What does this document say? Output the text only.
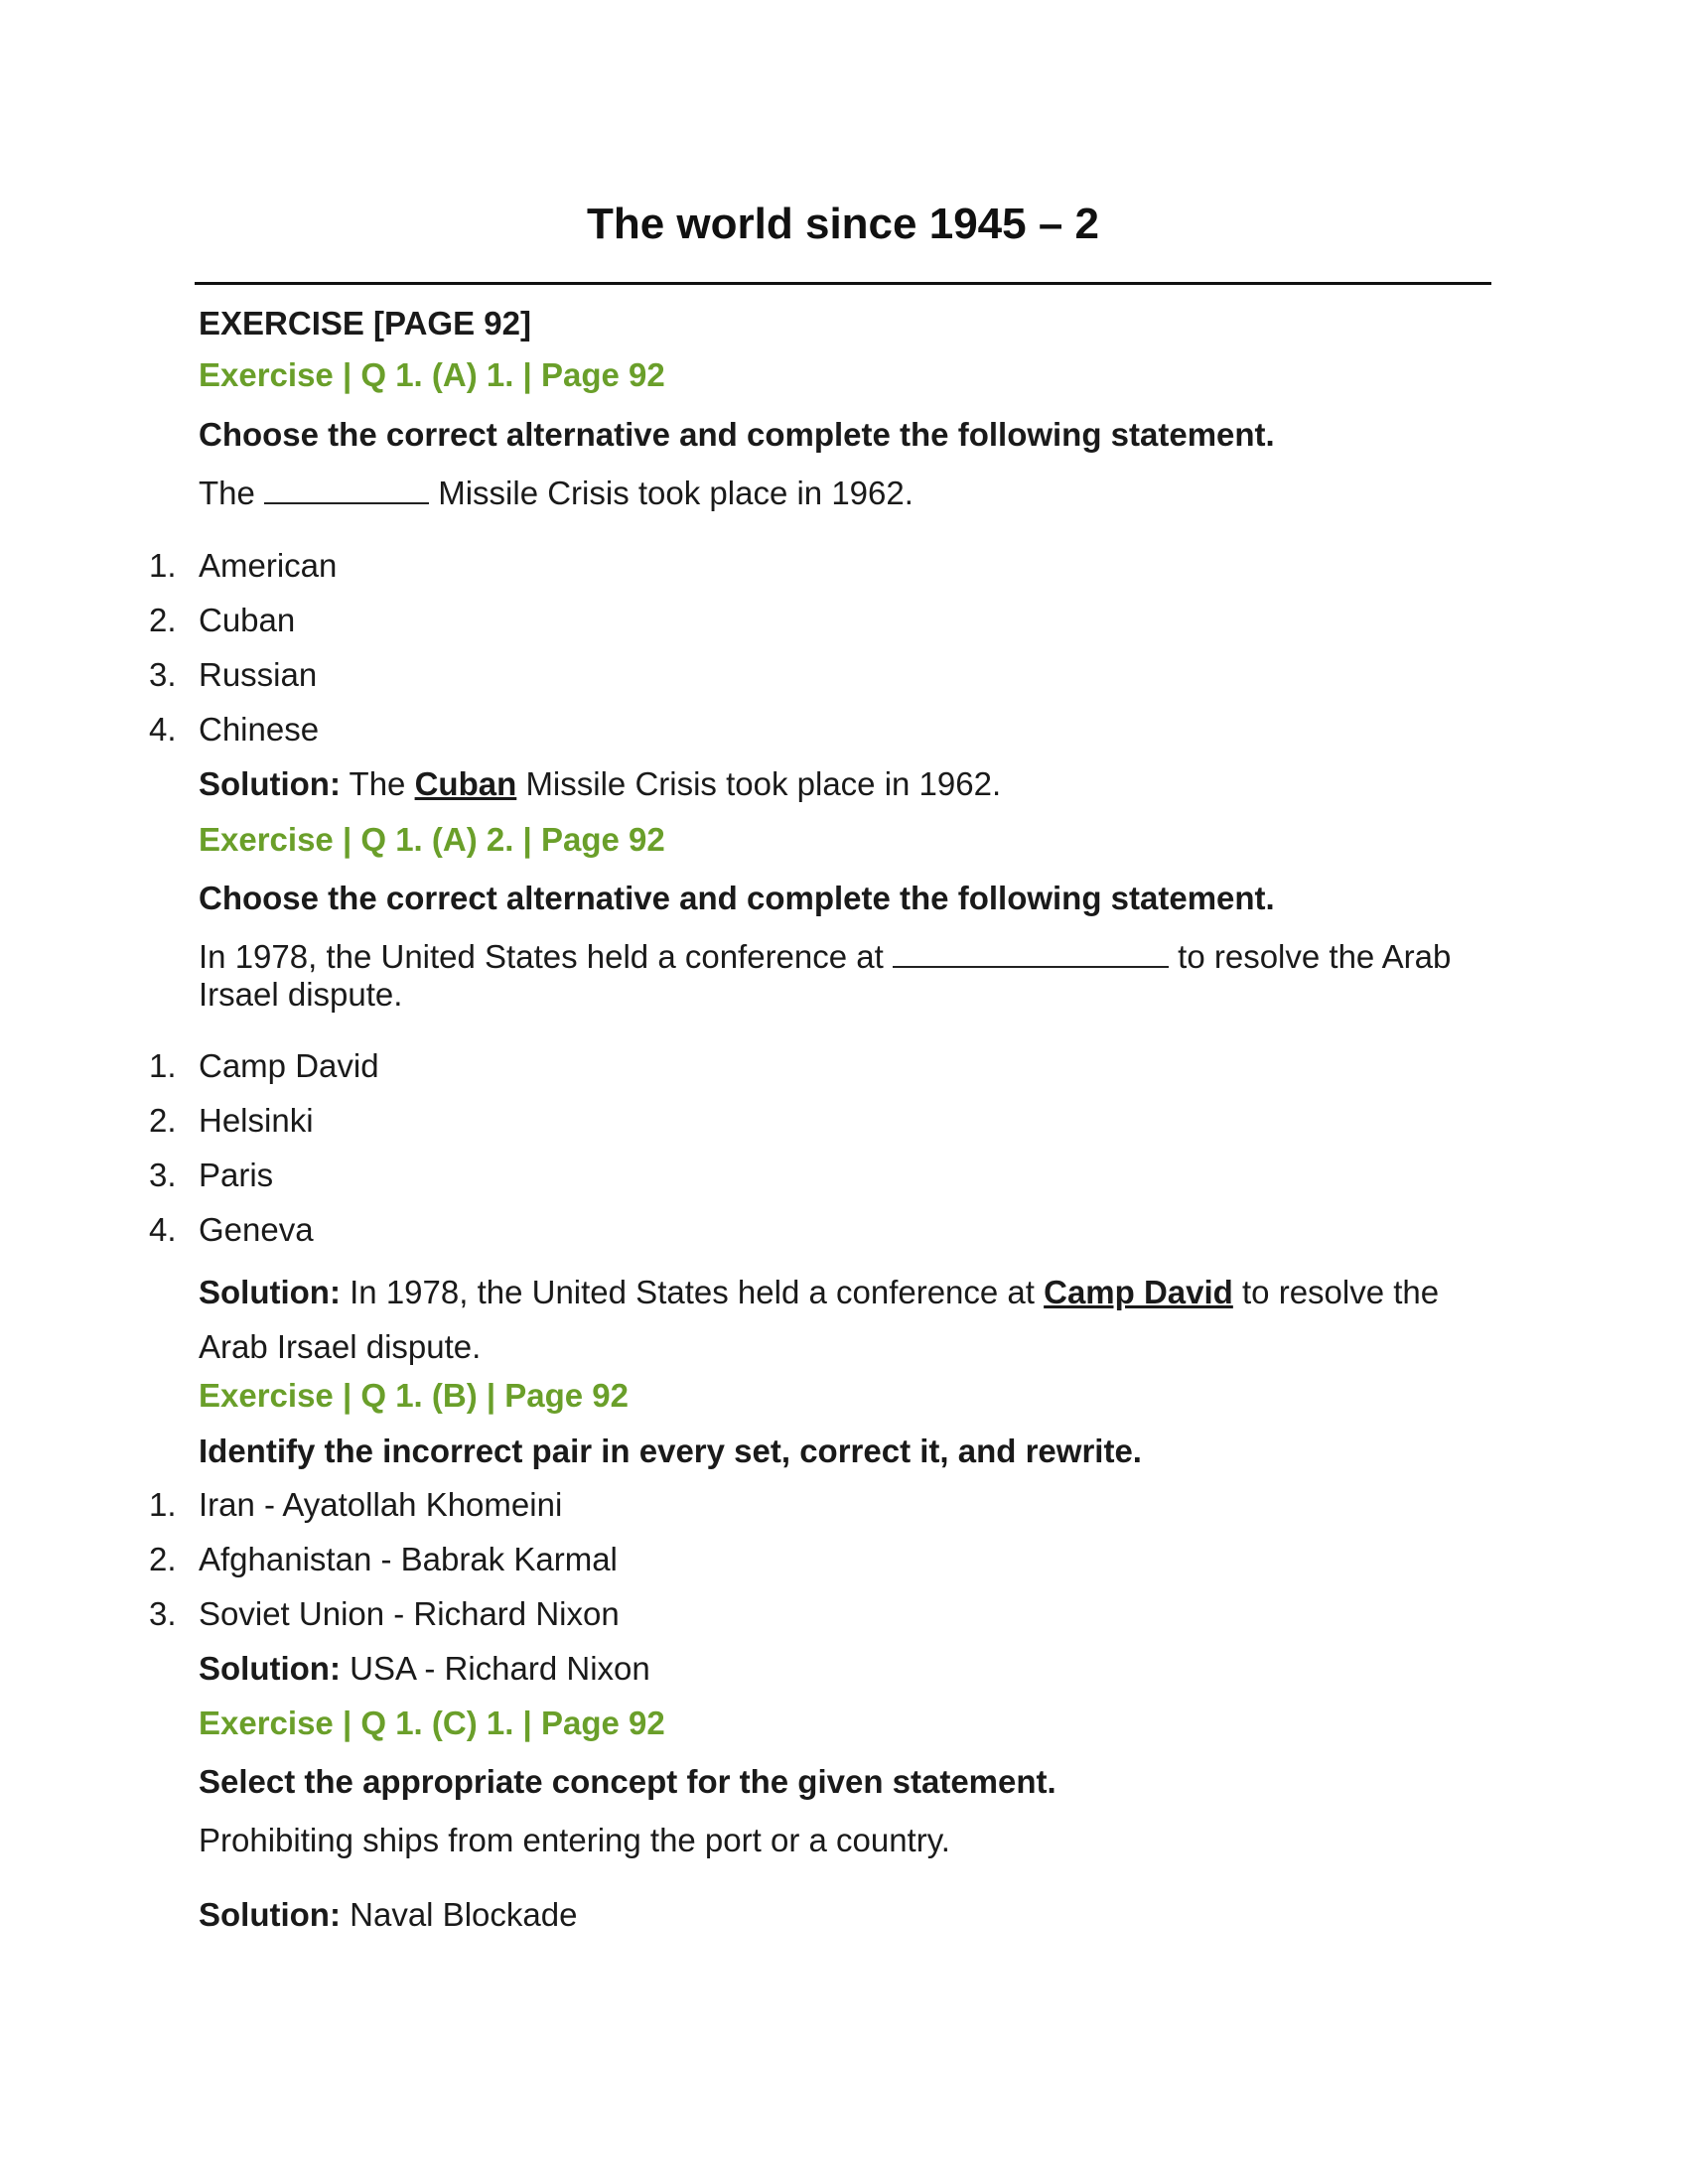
The world since 1945 – 2

EXERCISE [PAGE 92]

Exercise | Q 1. (A) 1. | Page 92

Choose the correct alternative and complete the following statement.

The	Missile Crisis took place in 1962.

1. American
2. Cuban
3. Russian
4. Chinese

Solution: The Cuban Missile Crisis took place in 1962.

Exercise | Q 1. (A) 2. | Page 92

Choose the correct alternative and complete the following statement.

In 1978, the United States held a conference at	to resolve the Arab Irsael dispute.

1. Camp David
2. Helsinki
3. Paris
4. Geneva

Solution: In 1978, the United States held a conference at Camp David to resolve the Arab Irsael dispute.

Exercise | Q 1. (B) | Page 92

Identify the incorrect pair in every set, correct it, and rewrite.

1. Iran - Ayatollah Khomeini
2. Afghanistan - Babrak Karmal
3. Soviet Union - Richard Nixon

Solution: USA - Richard Nixon

Exercise | Q 1. (C) 1. | Page 92

Select the appropriate concept for the given statement.

Prohibiting ships from entering the port or a country.

Solution: Naval Blockade
